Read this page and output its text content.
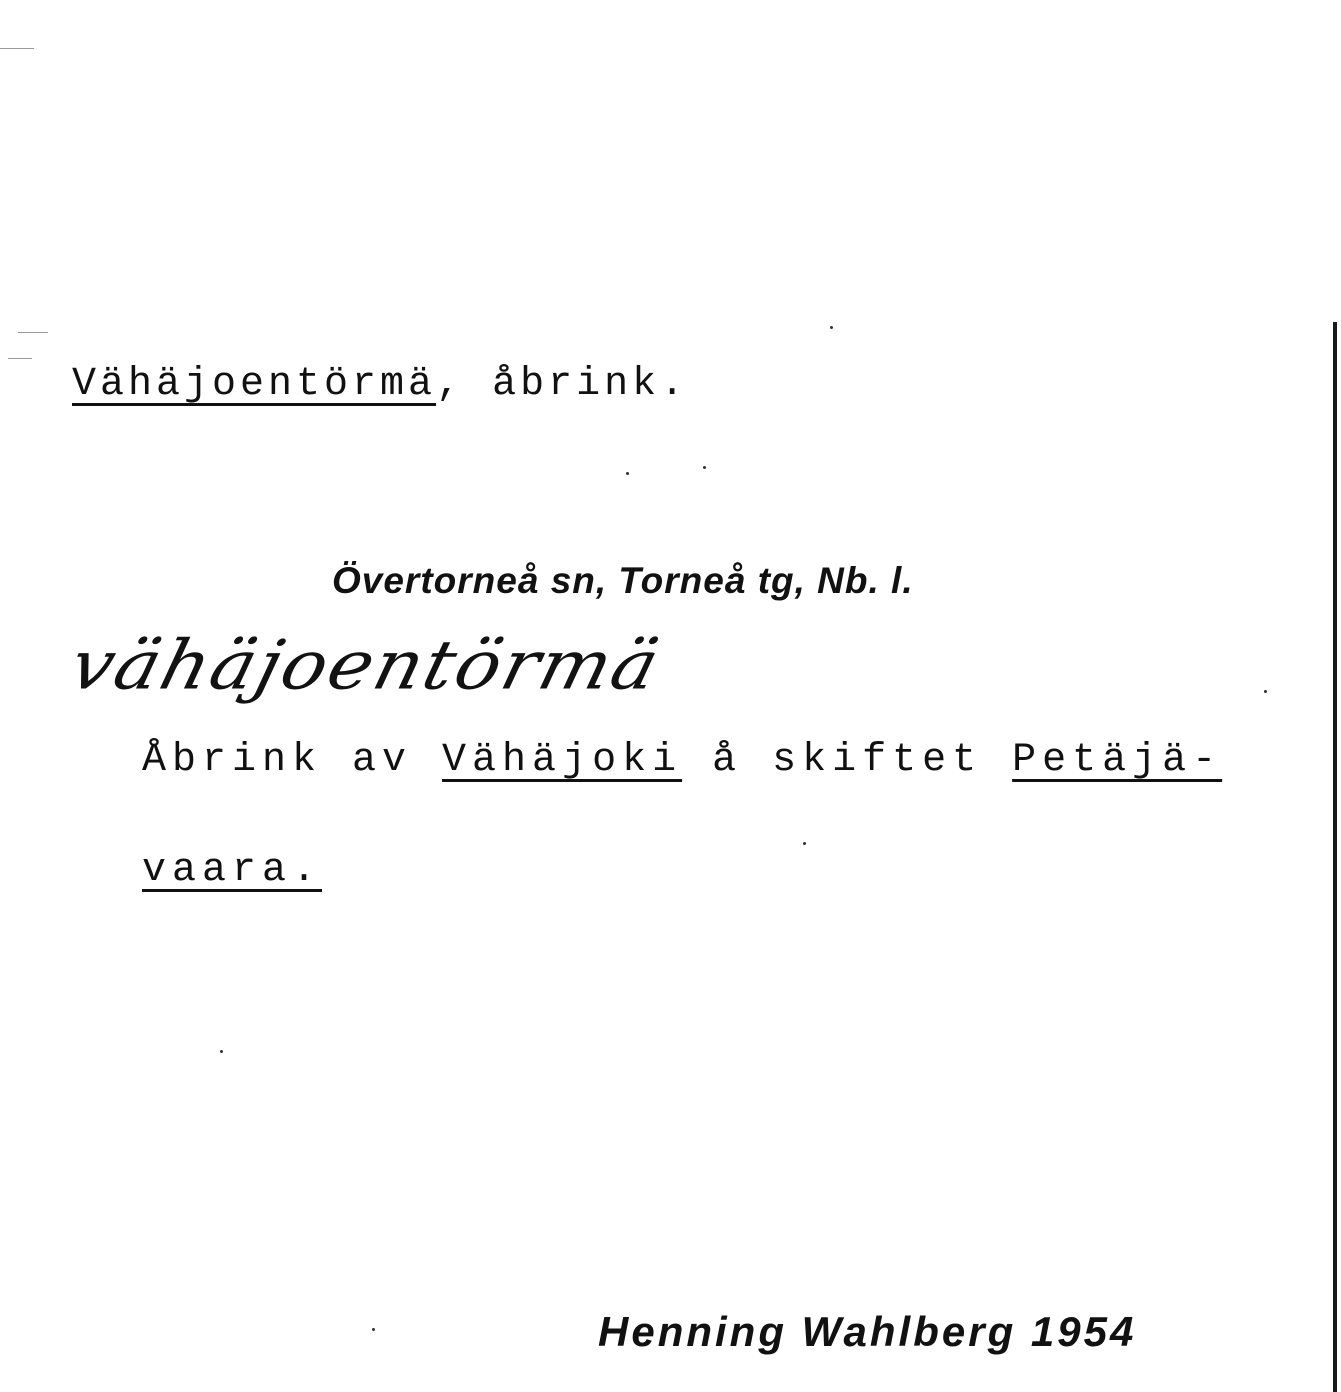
Vähäjoentörmä, åbrink.
Övertorneå sn, Torneå tg, Nb. l.
vähäjoentörmä
Åbrink av Vähäjoki å skiftet Petäjä-
vaara.
Henning Wahlberg 1954
